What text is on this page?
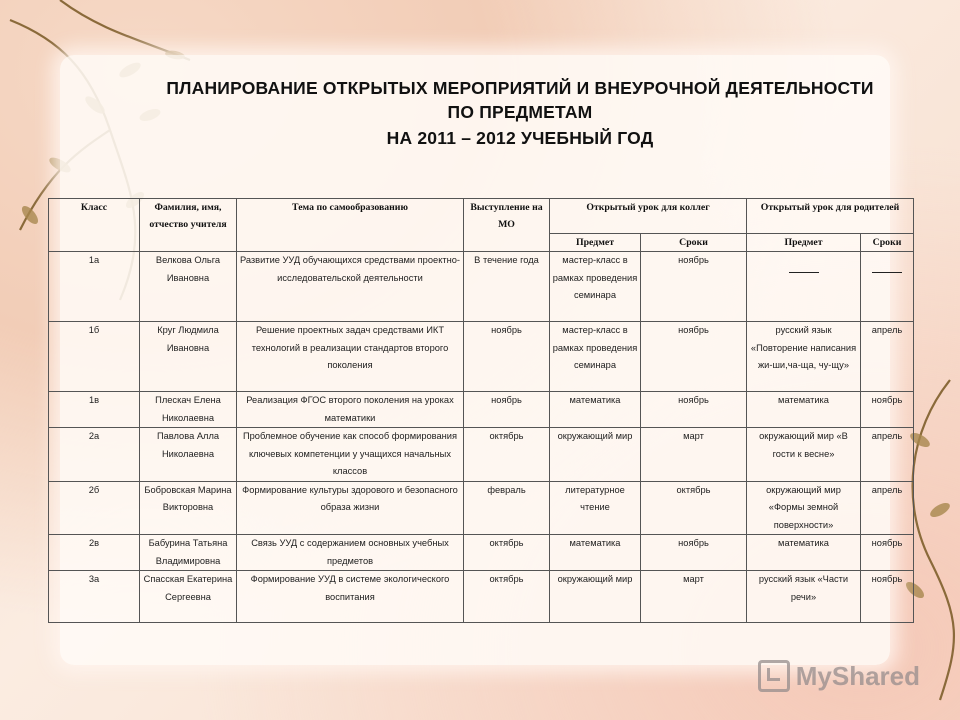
ПЛАНИРОВАНИЕ ОТКРЫТЫХ МЕРОПРИЯТИЙ И ВНЕУРОЧНОЙ ДЕЯТЕЛЬНОСТИ
ПО ПРЕДМЕТАМ
НА 2011 – 2012 УЧЕБНЫЙ ГОД
Класс	Фамилия, имя, отчество учителя	Тема по самообразованию	Выступление на МО	Открытый урок для коллег		Открытый урок для родителей	
				Предмет	Сроки	Предмет	Сроки
1а	Велкова Ольга Ивановна	Развитие УУД обучающихся средствами проектно-исследовательской деятельности	В течение года	мастер-класс в рамках проведения семинара	ноябрь		
1б	Круг Людмила Ивановна	Решение проектных задач средствами ИКТ технологий в реализации стандартов второго поколения	ноябрь	мастер-класс в рамках проведения семинара	ноябрь	русский язык «Повторение написания жи-ши,ча-ща, чу-щу»	апрель
1в	Плескач Елена Николаевна	Реализация ФГОС второго поколения на уроках математики	ноябрь	математика	ноябрь	математика	ноябрь
2а	Павлова Алла Николаевна	Проблемное обучение как способ формирования ключевых компетенции у учащихся начальных классов	октябрь	окружающий мир	март	окружающий мир «В гости к весне»	апрель
2б	Бобровская Марина Викторовна	Формирование культуры здорового и безопасного образа жизни	февраль	литературное чтение	октябрь	окружающий мир «Формы земной поверхности»	апрель
2в	Бабурина Татьяна Владимировна	Связь УУД с содержанием основных учебных предметов	октябрь	математика	ноябрь	математика	ноябрь
3а	Спасская Екатерина Сергеевна	Формирование УУД в системе экологического воспитания	октябрь	окружающий мир	март	русский язык «Части речи»	ноябрь
MyShared
